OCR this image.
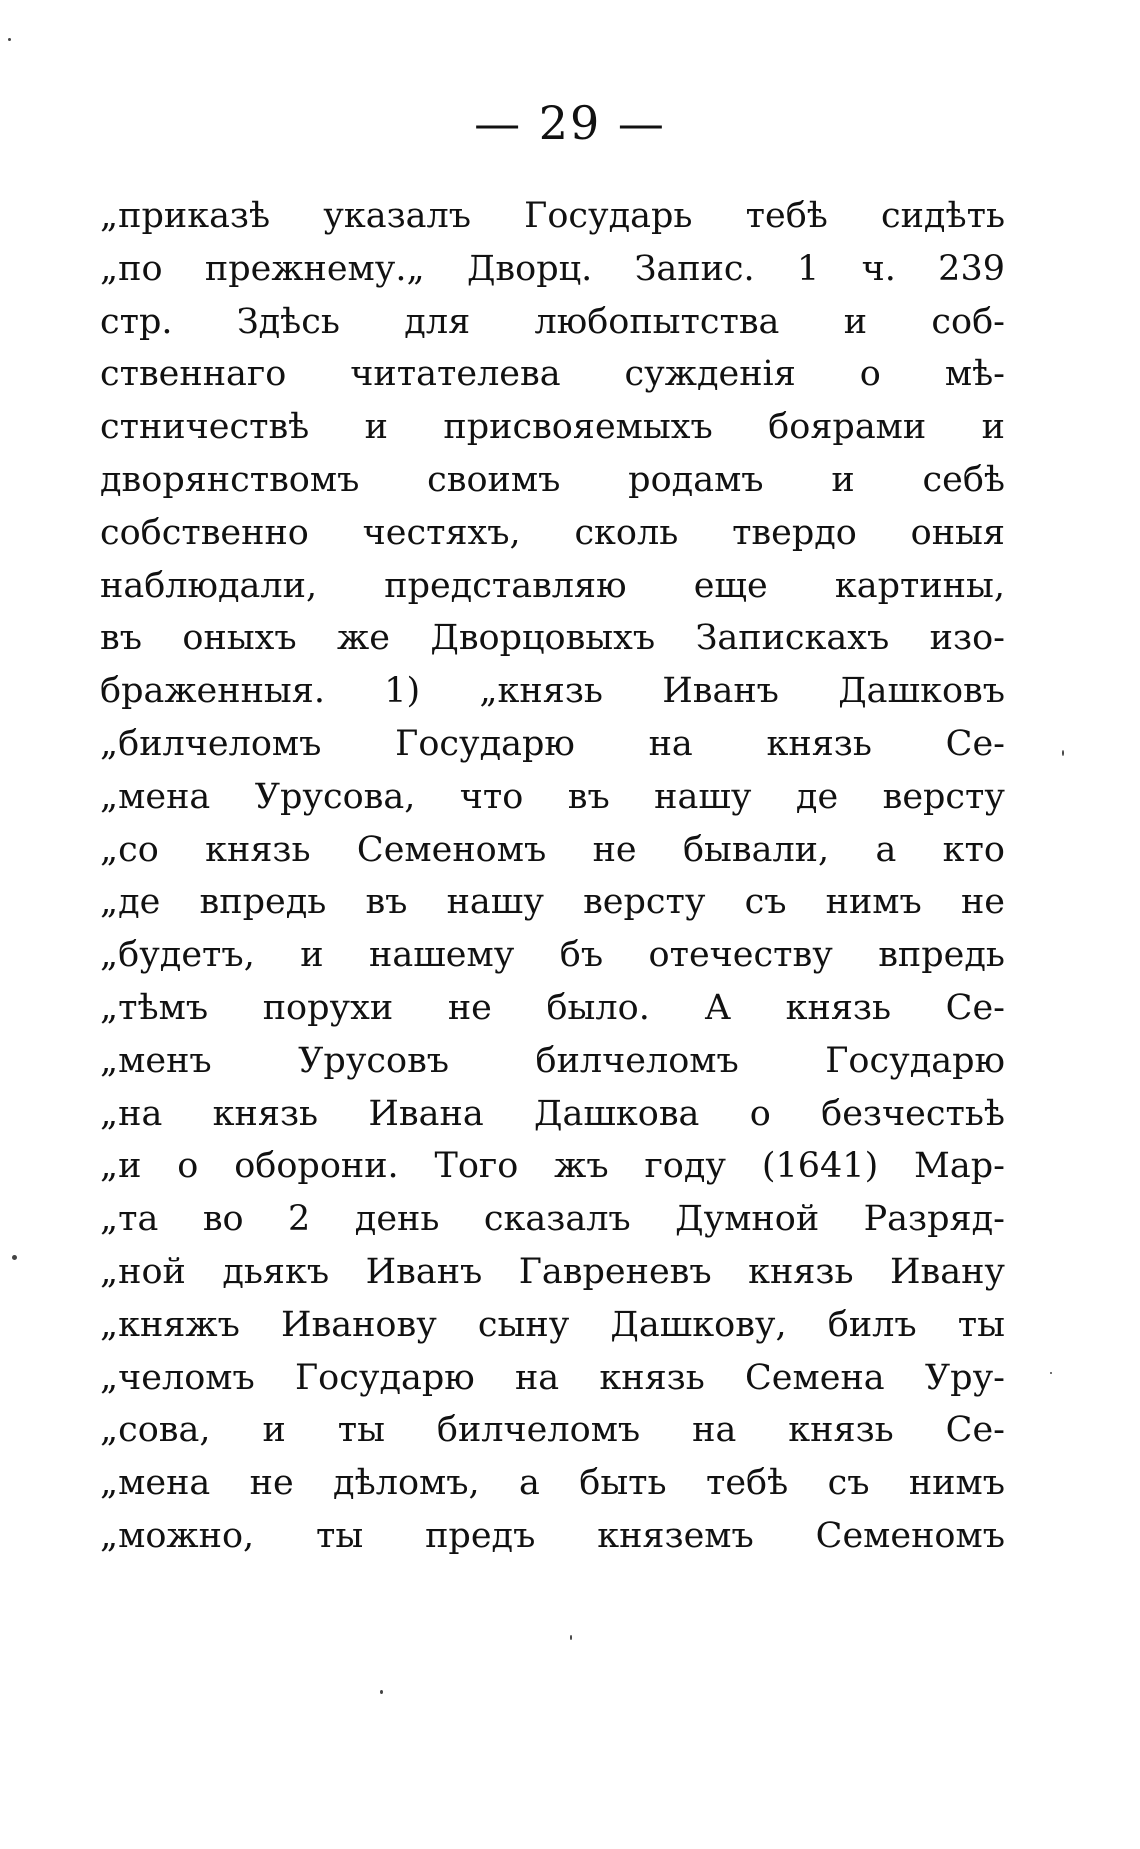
— 29 —
„приказѣ указалъ Государь тебѣ сидѣть
„по прежнему.„ Дворц. Запис. 1 ч. 239
стр. Здѣсь для любопытства и соб-
ственнаго читателева сужденія о мѣ-
стничествѣ и присвояемыхъ боярами и
дворянствомъ своимъ родамъ и себѣ
собственно честяхъ, сколь твердо оныя
наблюдали, представляю еще картины,
въ оныхъ же Дворцовыхъ Запискахъ изо-
браженныя. 1) „князь Иванъ Дашковъ
„билчеломъ Государю на князь Се-
„мена Урусова, что въ нашу де версту
„со князь Семеномъ не бывали, а кто
„де впредь въ нашу версту съ нимъ не
„будетъ, и нашему бъ отечеству впредь
„тѣмъ порухи не было. А князь Се-
„менъ Урусовъ билчеломъ Государю
„на князь Ивана Дашкова о безчестьѣ
„и о оборони. Того жъ году (1641) Мар-
„та во 2 день сказалъ Думной Разряд-
„ной дьякъ Иванъ Гавреневъ князь Ивану
„княжъ Иванову сыну Дашкову, билъ ты
„челомъ Государю на князь Семена Уру-
„сова, и ты билчеломъ на князь Се-
„мена не дѣломъ, а быть тебѣ съ нимъ
„можно, ты предъ княземъ Семеномъ
